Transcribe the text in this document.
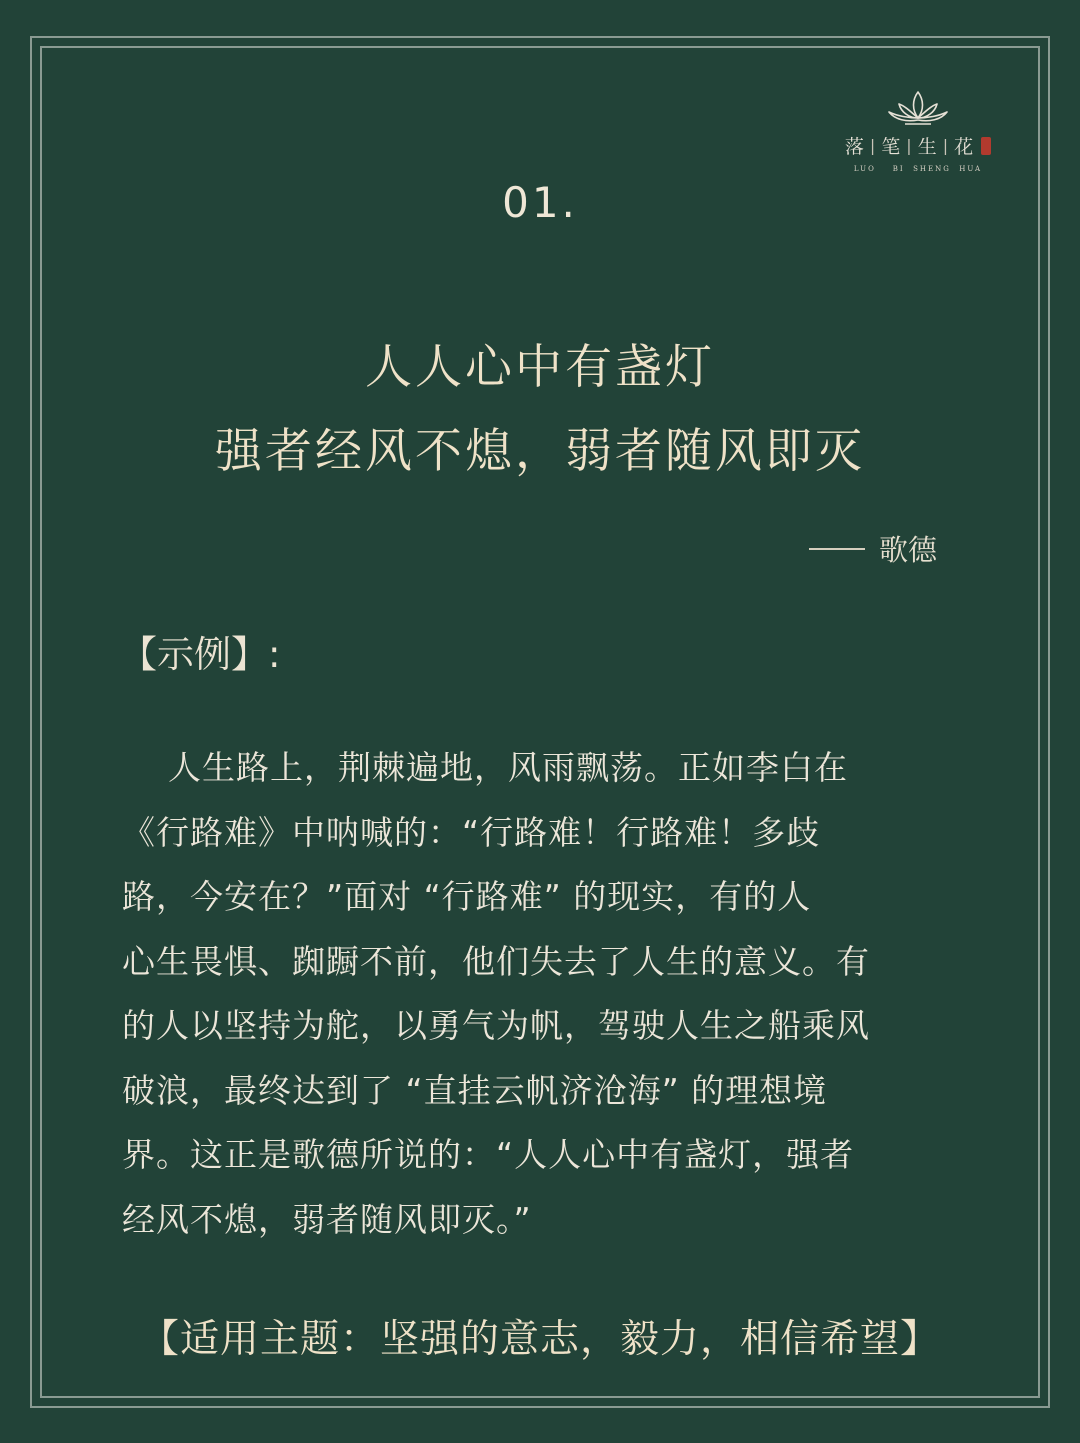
落 | 笔 | 生 | 花
LUO    BI  SHENG  HUA
01.
人人心中有盏灯
强者经风不熄，弱者随风即灭
歌德
【示例】:
人生路上，荆棘遍地，风雨飘荡。正如李白在
《行路难》中呐喊的：“行路难！行路难！多歧
路，今安在？”面对 “行路难” 的现实，有的人
心生畏惧、踟蹰不前，他们失去了人生的意义。有
的人以坚持为舵，以勇气为帆，驾驶人生之船乘风
破浪，最终达到了 “直挂云帆济沧海” 的理想境
界。这正是歌德所说的：“人人心中有盏灯，强者
经风不熄，弱者随风即灭。”
【适用主题：坚强的意志，毅力，相信希望】
